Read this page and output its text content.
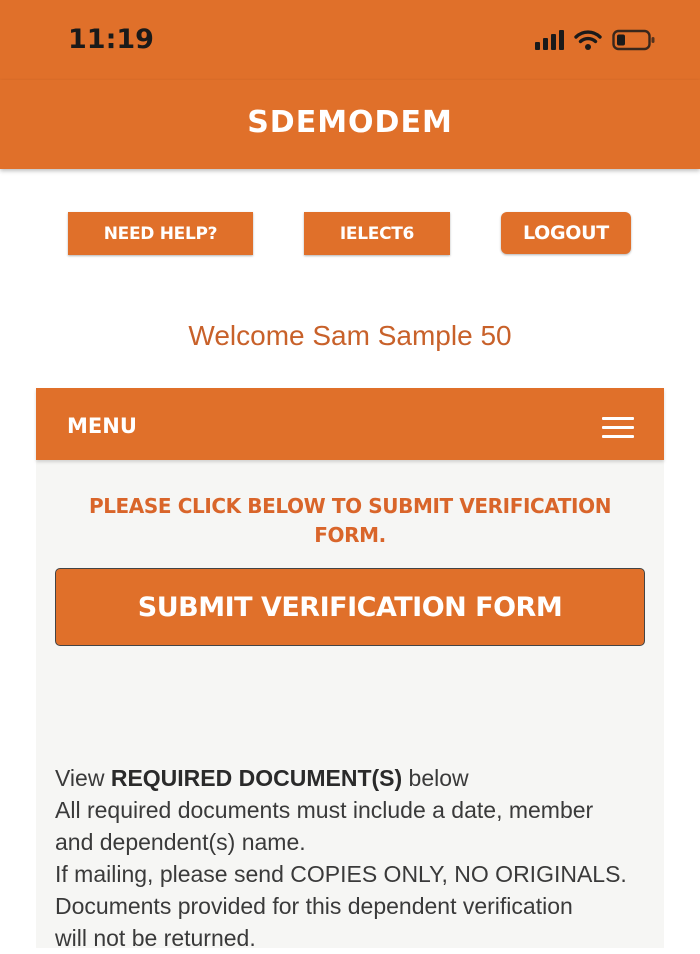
11:19
SDEMODEM
NEED HELP?	IELECT6	LOGOUT
Welcome Sam Sample 50
MENU
PLEASE CLICK BELOW TO SUBMIT VERIFICATION
FORM.
SUBMIT VERIFICATION FORM
View REQUIRED DOCUMENT(S) below
All required documents must include a date, member
and dependent(s) name.
If mailing, please send COPIES ONLY, NO ORIGINALS.
Documents provided for this dependent verification
will not be returned.
